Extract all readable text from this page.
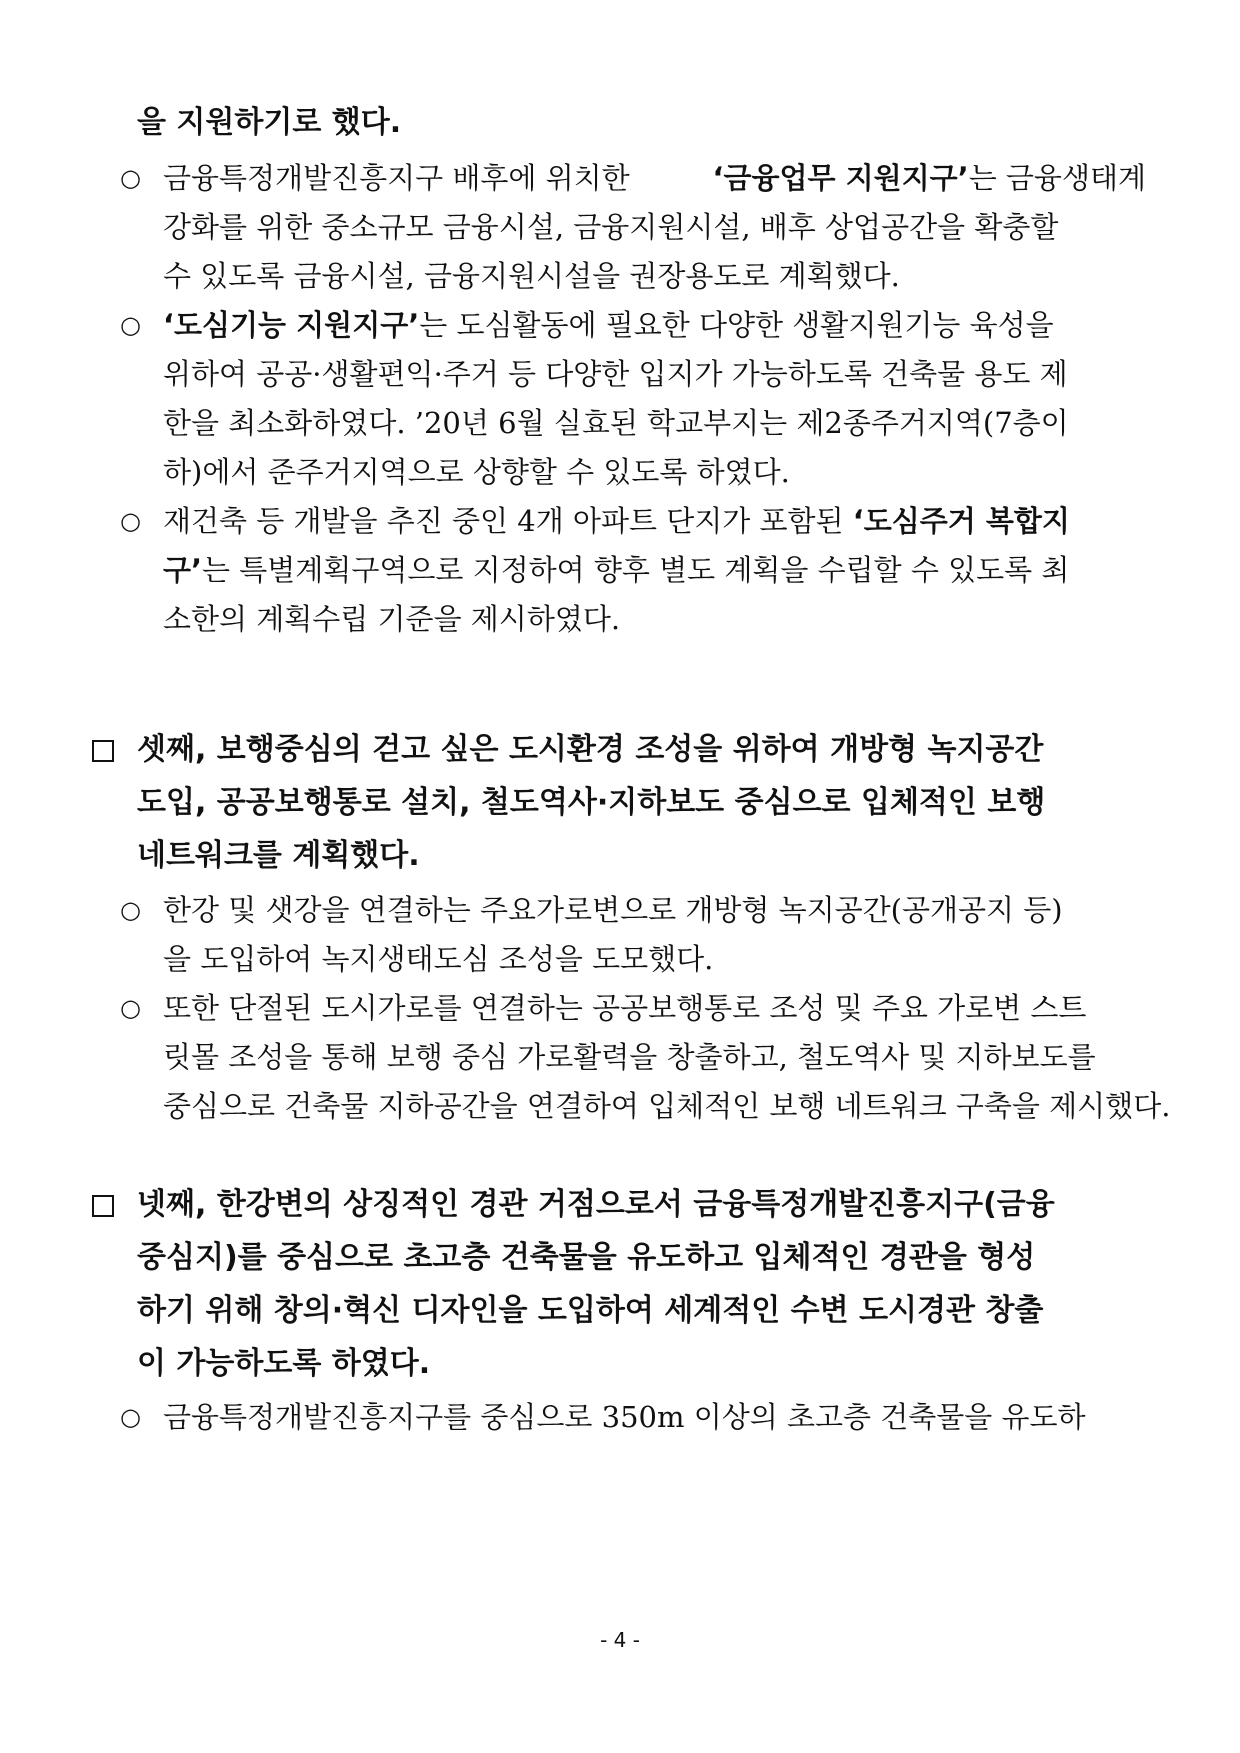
을 지원하기로 했다.
○ 금융특정개발진흥지구 배후에 위치한	‘금융업무 지원지구’는 금융생태계
강화를 위한 중소규모 금융시설, 금융지원시설, 배후 상업공간을 확충할
수 있도록 금융시설, 금융지원시설을 권장용도로 계획했다.
○ ‘도심기능 지원지구’는 도심활동에 필요한 다양한 생활지원기능 육성을
위하여 공공·생활편익·주거 등 다양한 입지가 가능하도록 건축물 용도 제
한을 최소화하였다. ’20년 6월 실효된 학교부지는 제2종주거지역(7층이
하)에서 준주거지역으로 상향할 수 있도록 하였다.
○ 재건축 등 개발을 추진 중인 4개 아파트 단지가 포함된 ‘도심주거 복합지
구’는 특별계획구역으로 지정하여 향후 별도 계획을 수립할 수 있도록 최
소한의 계획수립 기준을 제시하였다.
셋째, 보행중심의 걷고 싶은 도시환경 조성을 위하여 개방형 녹지공간
도입, 공공보행통로 설치, 철도역사·지하보도 중심으로 입체적인 보행
네트워크를 계획했다.
○ 한강 및 샛강을 연결하는 주요가로변으로 개방형 녹지공간(공개공지 등)
을 도입하여 녹지생태도심 조성을 도모했다.
○ 또한 단절된 도시가로를 연결하는 공공보행통로 조성 및 주요 가로변 스트
릿몰 조성을 통해 보행 중심 가로활력을 창출하고, 철도역사 및 지하보도를
중심으로 건축물 지하공간을 연결하여 입체적인 보행 네트워크 구축을 제시했다.
넷째, 한강변의 상징적인 경관 거점으로서 금융특정개발진흥지구(금융
중심지)를 중심으로 초고층 건축물을 유도하고 입체적인 경관을 형성
하기 위해 창의·혁신 디자인을 도입하여 세계적인 수변 도시경관 창출
이 가능하도록 하였다.
○ 금융특정개발진흥지구를 중심으로 350m 이상의 초고층 건축물을 유도하
- 4 -
